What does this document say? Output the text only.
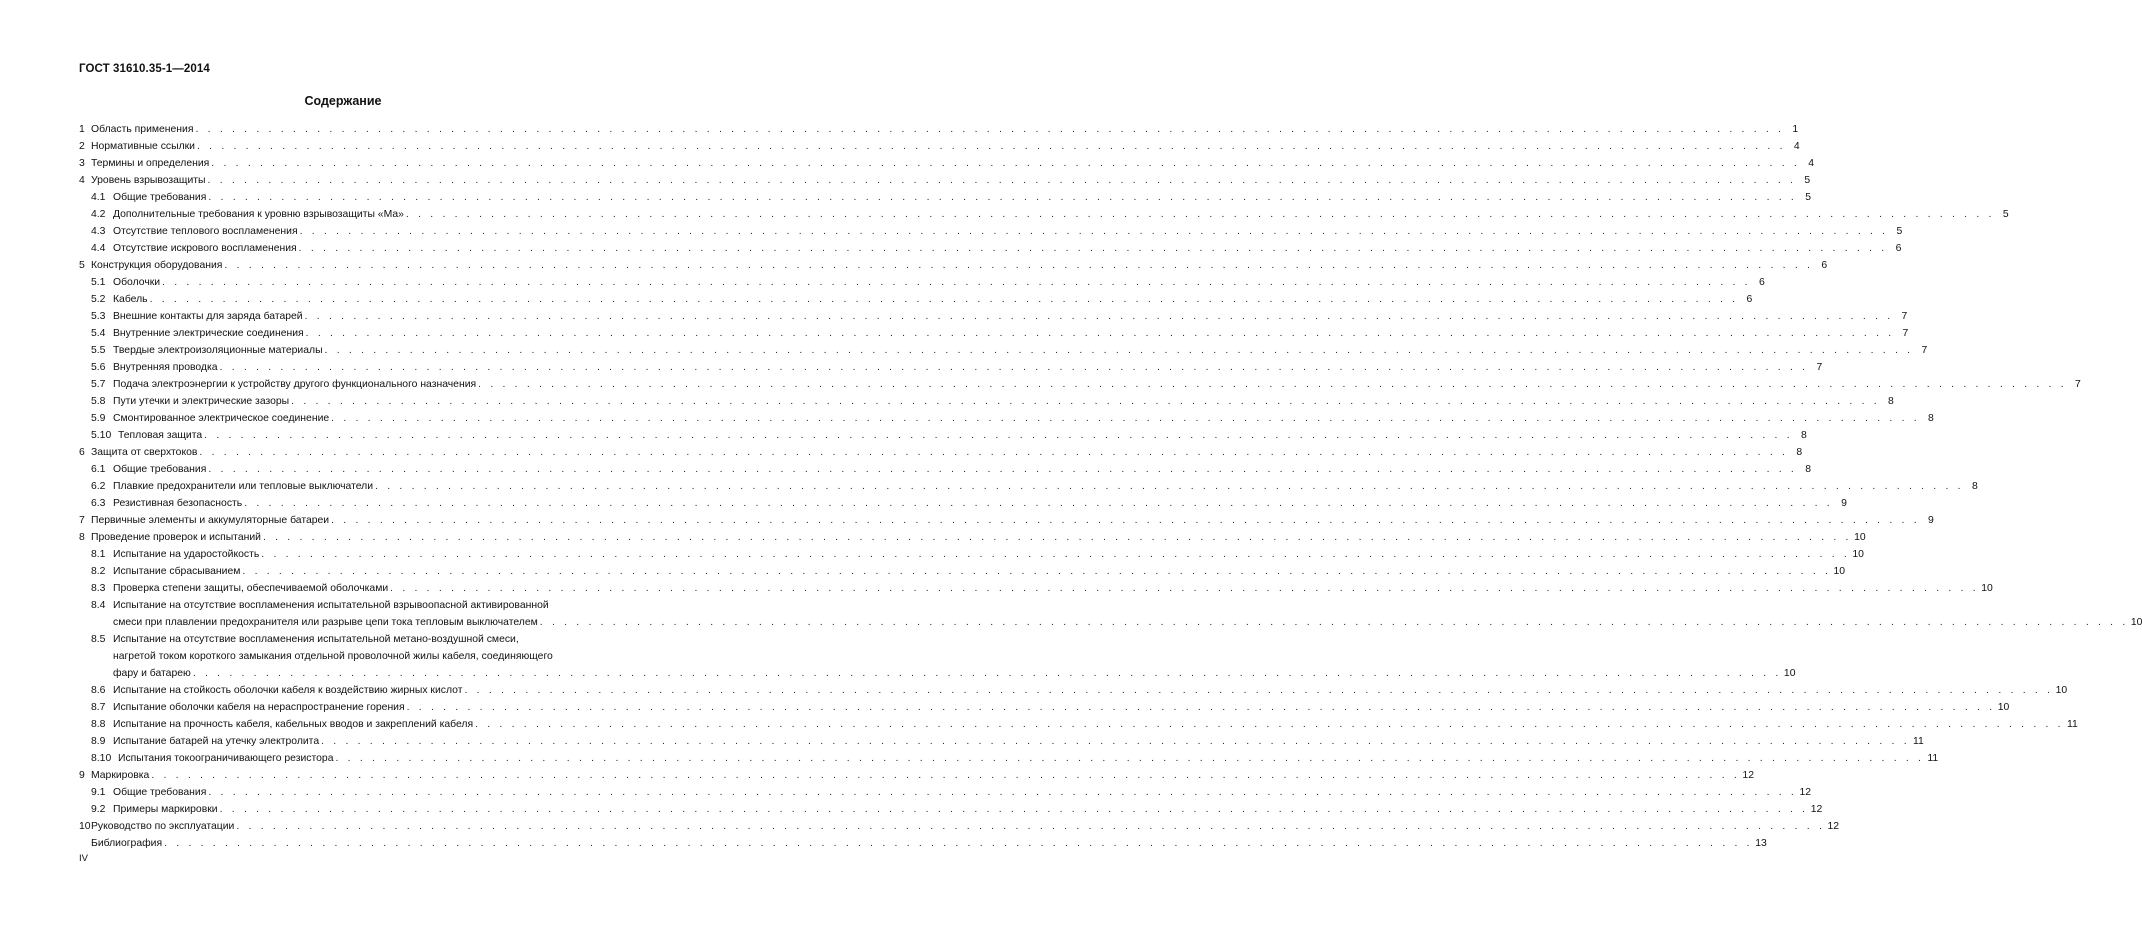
ГОСТ 31610.35-1—2014
Содержание
1 Область применения . . .	1
2 Нормативные ссылки . . .	4
3 Термины и определения . . .	4
4 Уровень взрывозащиты . . .	5
4.1 Общие требования . . .	5
4.2 Дополнительные требования к уровню взрывозащиты «Ма» . . .	5
4.3 Отсутствие теплового воспламенения . . .	5
4.4 Отсутствие искрового воспламенения . . .	6
5 Конструкция оборудования . . .	6
5.1 Оболочки . . .	6
5.2 Кабель . . .	6
5.3 Внешние контакты для заряда батарей . . .	7
5.4 Внутренние электрические соединения . . .	7
5.5 Твердые электроизоляционные материалы . . .	7
5.6 Внутренняя проводка . . .	7
5.7 Подача электроэнергии к устройству другого функционального назначения . . .	7
5.8 Пути утечки и электрические зазоры . . .	8
5.9 Смонтированное электрическое соединение . . .	8
5.10 Тепловая защита . . .	8
6 Защита от сверхтоков . . .	8
6.1 Общие требования . . .	8
6.2 Плавкие предохранители или тепловые выключатели . . .	8
6.3 Резистивная безопасность . . .	9
7 Первичные элементы и аккумуляторные батареи . . .	9
8 Проведение проверок и испытаний . . .	10
8.1 Испытание на ударостойкость . . .	10
8.2 Испытание сбрасыванием . . .	10
8.3 Проверка степени защиты, обеспечиваемой оболочками . . .	10
8.4 Испытание на отсутствие воспламенения испытательной взрывоопасной активированной
смеси при плавлении предохранителя или разрыве цепи тока тепловым выключателем . . .	10
8.5 Испытание на отсутствие воспламенения испытательной метано-воздушной смеси,
нагретой током короткого замыкания отдельной проволочной жилы кабеля, соединяющего
фару и батарею . . .	10
8.6 Испытание на стойкость оболочки кабеля к воздействию жирных кислот . . .	10
8.7 Испытание оболочки кабеля на нераспространение горения . . .	10
8.8 Испытание на прочность кабеля, кабельных вводов и закреплений кабеля . . .	11
8.9 Испытание батарей на утечку электролита . . .	11
8.10 Испытания токоограничивающего резистора . . .	11
9 Маркировка . . .	12
9.1 Общие требования . . .	12
9.2 Примеры маркировки . . .	12
10 Руководство по эксплуатации . . .	12
Библиография . . .	13
IV
